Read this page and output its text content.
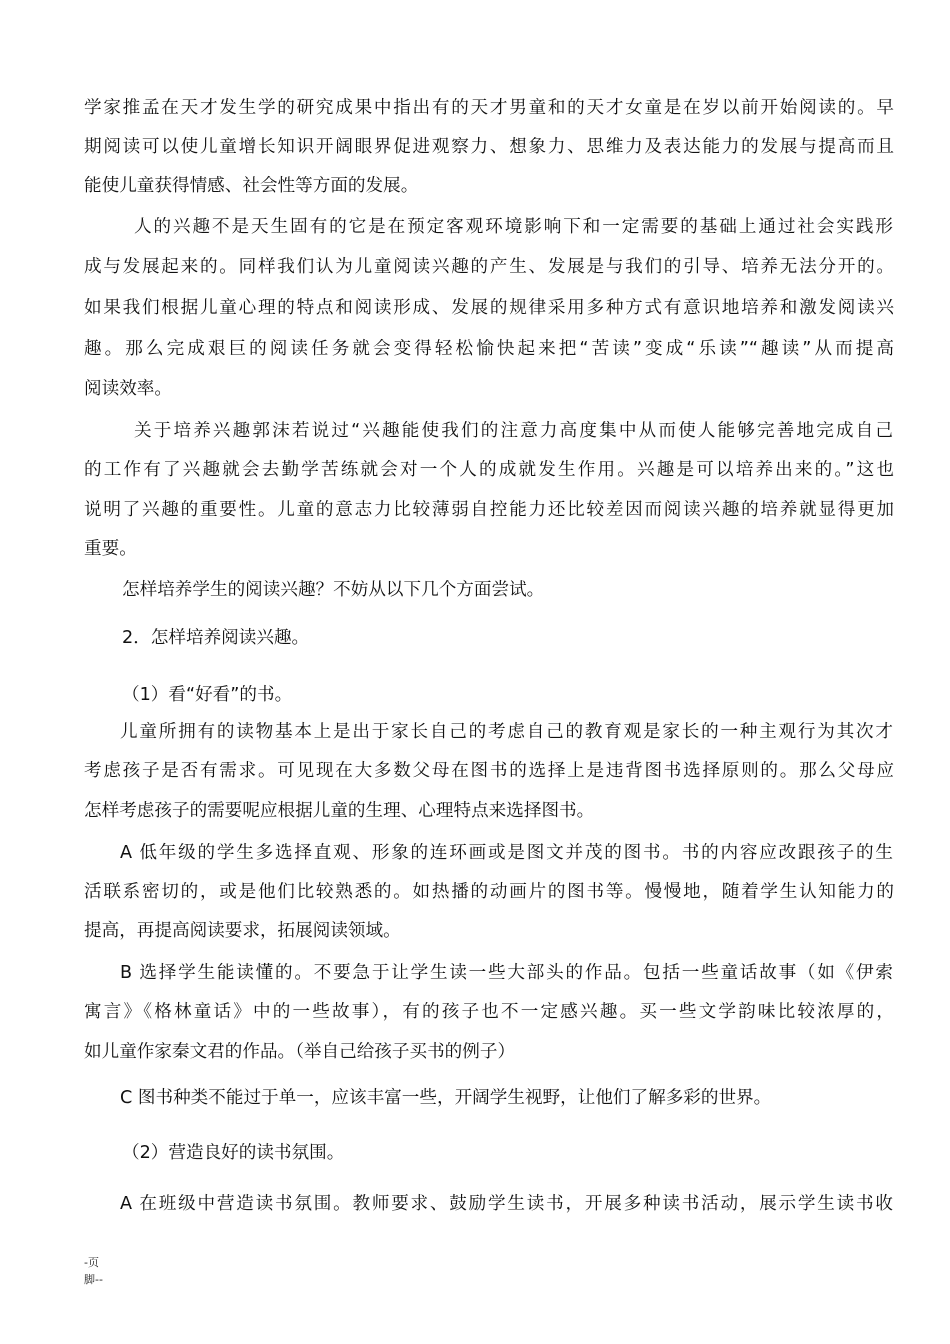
学家推孟在天才发生学的研究成果中指出有的天才男童和的天才女童是在岁以前开始阅读的。早
期阅读可以使儿童增长知识开阔眼界促进观察力、想象力、思维力及表达能力的发展与提高而且
能使儿童获得情感、社会性等方面的发展。
人的兴趣不是天生固有的它是在预定客观环境影响下和一定需要的基础上通过社会实践形
成与发展起来的。同样我们认为儿童阅读兴趣的产生、发展是与我们的引导、培养无法分开的。
如果我们根据儿童心理的特点和阅读形成、发展的规律采用多种方式有意识地培养和激发阅读兴
趣。那么完成艰巨的阅读任务就会变得轻松愉快起来把“苦读”变成“乐读”“趣读”从而提高
阅读效率。
关于培养兴趣郭沫若说过“兴趣能使我们的注意力高度集中从而使人能够完善地完成自己
的工作有了兴趣就会去勤学苦练就会对一个人的成就发生作用。兴趣是可以培养出来的。”这也
说明了兴趣的重要性。儿童的意志力比较薄弱自控能力还比较差因而阅读兴趣的培养就显得更加
重要。
怎样培养学生的阅读兴趣？不妨从以下几个方面尝试。
2．怎样培养阅读兴趣。
（1）看“好看”的书。
儿童所拥有的读物基本上是出于家长自己的考虑自己的教育观是家长的一种主观行为其次才
考虑孩子是否有需求。可见现在大多数父母在图书的选择上是违背图书选择原则的。那么父母应
怎样考虑孩子的需要呢应根据儿童的生理、心理特点来选择图书。
A 低年级的学生多选择直观、形象的连环画或是图文并茂的图书。书的内容应改跟孩子的生
活联系密切的，或是他们比较熟悉的。如热播的动画片的图书等。慢慢地，随着学生认知能力的
提高，再提高阅读要求，拓展阅读领域。
B 选择学生能读懂的。不要急于让学生读一些大部头的作品。包括一些童话故事（如《伊索
寓言》《格林童话》中的一些故事），有的孩子也不一定感兴趣。买一些文学韵味比较浓厚的，
如儿童作家秦文君的作品。（举自己给孩子买书的例子）
C 图书种类不能过于单一，应该丰富一些，开阔学生视野，让他们了解多彩的世界。
（2）营造良好的读书氛围。
A 在班级中营造读书氛围。教师要求、鼓励学生读书，开展多种读书活动，展示学生读书收
-页
脚--
